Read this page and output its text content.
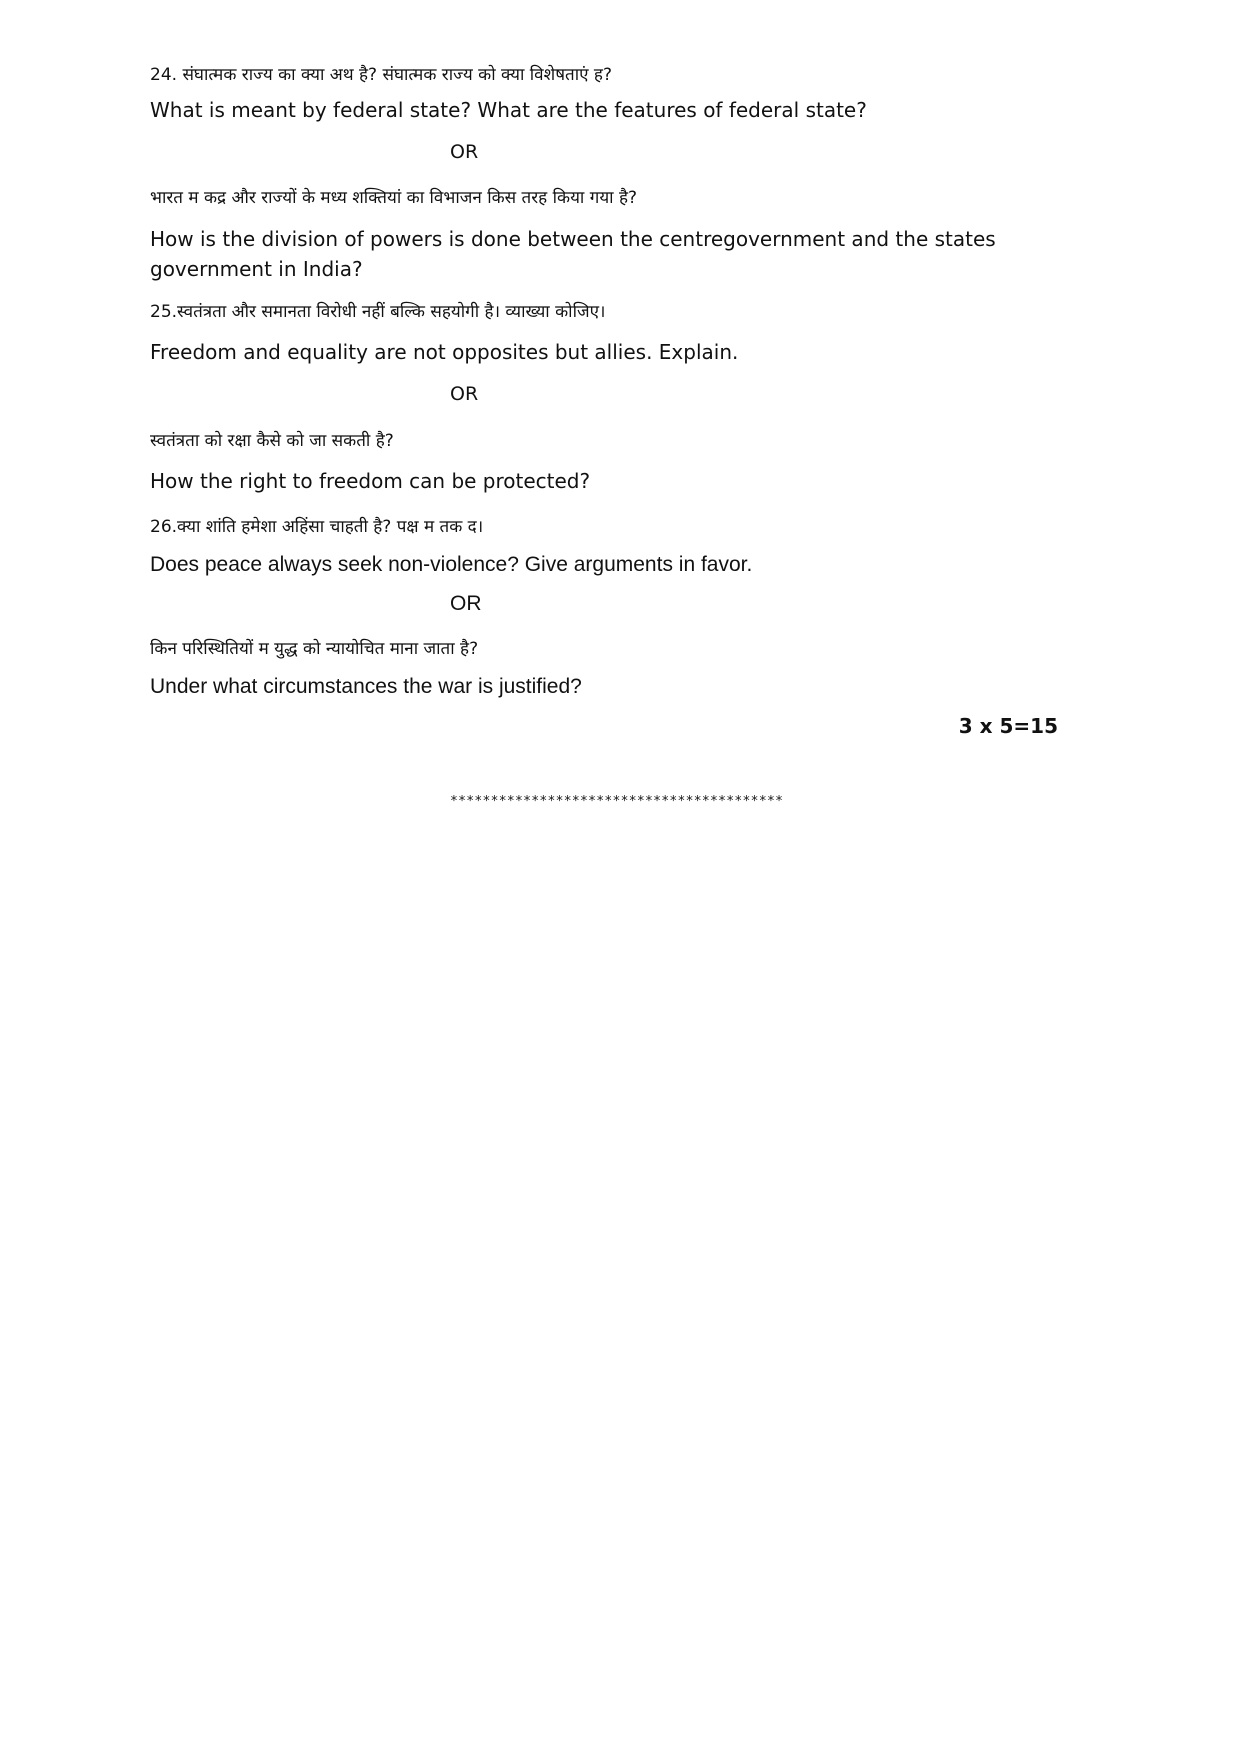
24. संघात्मक राज्य का क्या अथ है? संघात्मक राज्य को क्या विशेषताएं ह?
What is meant by federal state? What are the features of federal state?
OR
भारत म कद्र और राज्यों के मध्य शक्तियां का विभाजन किस तरह किया गया है?
How is the division of powers is done between the centregovernment and the states government in India?
25.स्वतंत्रता और समानता विरोधी नहीं बल्कि सहयोगी है। व्याख्या कोजिए।
Freedom and equality are not opposites but allies. Explain.
OR
स्वतंत्रता को रक्षा कैसे को जा सकती है?
How the right to freedom can be protected?
26.क्या शांति हमेशा अहिंसा चाहती है? पक्ष म तक द।
Does peace always seek non-violence? Give arguments in favor.
OR
किन परिस्थितियों म युद्ध को न्यायोचित माना जाता है?
Under what circumstances the war is justified?
3 x 5=15
*****************************************
